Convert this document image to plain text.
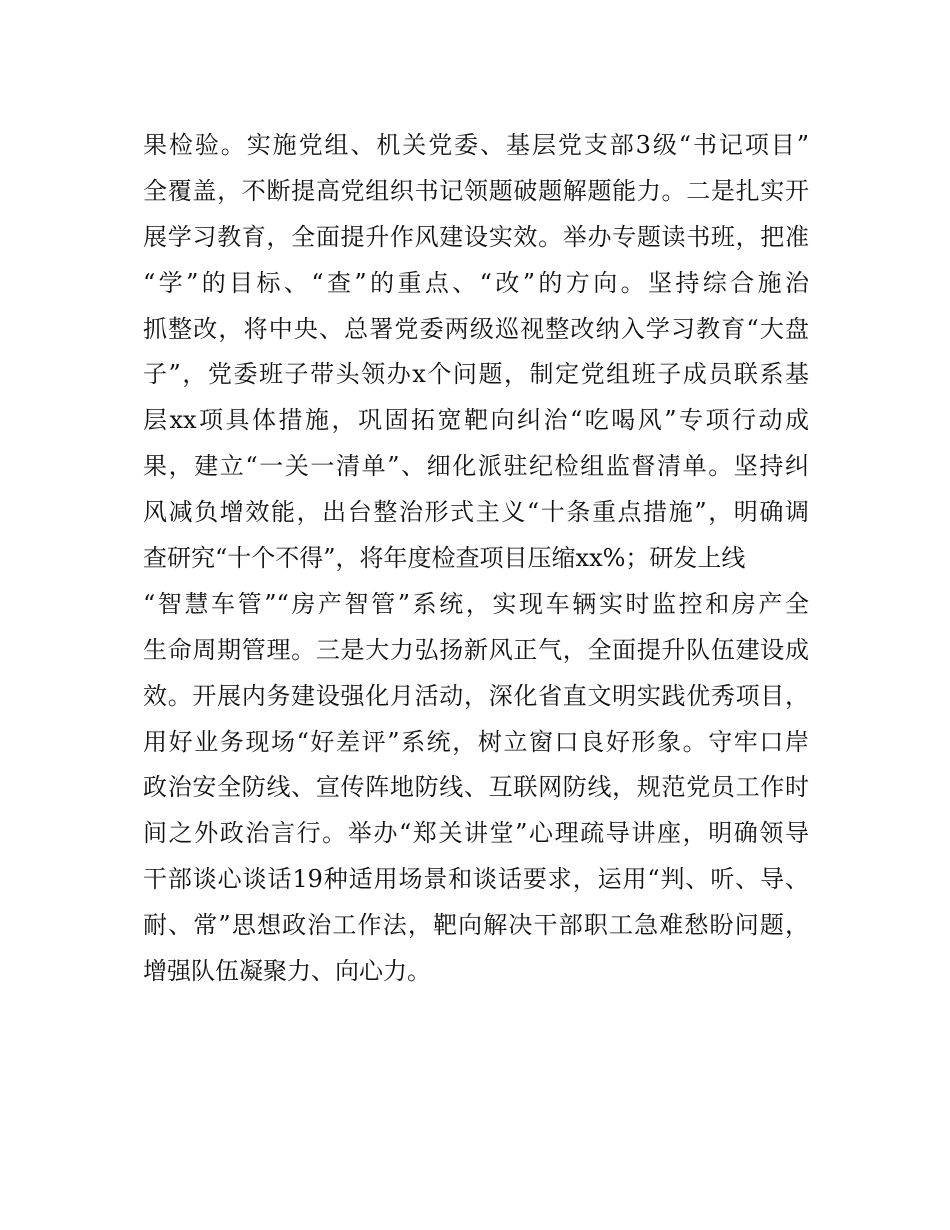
果检验。实施党组、机关党委、基层党支部3级“书记项目”
全覆盖，不断提高党组织书记领题破题解题能力。二是扎实开
展学习教育，全面提升作风建设实效。举办专题读书班，把准
“学”的目标、“查”的重点、“改”的方向。坚持综合施治
抓整改，将中央、总署党委两级巡视整改纳入学习教育“大盘
子”，党委班子带头领办x个问题，制定党组班子成员联系基
层xx项具体措施，巩固拓宽靶向纠治“吃喝风”专项行动成
果，建立“一关一清单”、细化派驻纪检组监督清单。坚持纠
风减负增效能，出台整治形式主义“十条重点措施”，明确调
查研究“十个不得”，将年度检查项目压缩xx%；研发上线
“智慧车管”“房产智管”系统，实现车辆实时监控和房产全
生命周期管理。三是大力弘扬新风正气，全面提升队伍建设成
效。开展内务建设强化月活动，深化省直文明实践优秀项目，
用好业务现场“好差评”系统，树立窗口良好形象。守牢口岸
政治安全防线、宣传阵地防线、互联网防线，规范党员工作时
间之外政治言行。举办“郑关讲堂”心理疏导讲座，明确领导
干部谈心谈话19种适用场景和谈话要求，运用“判、听、导、
耐、常”思想政治工作法，靶向解决干部职工急难愁盼问题，
增强队伍凝聚力、向心力。
